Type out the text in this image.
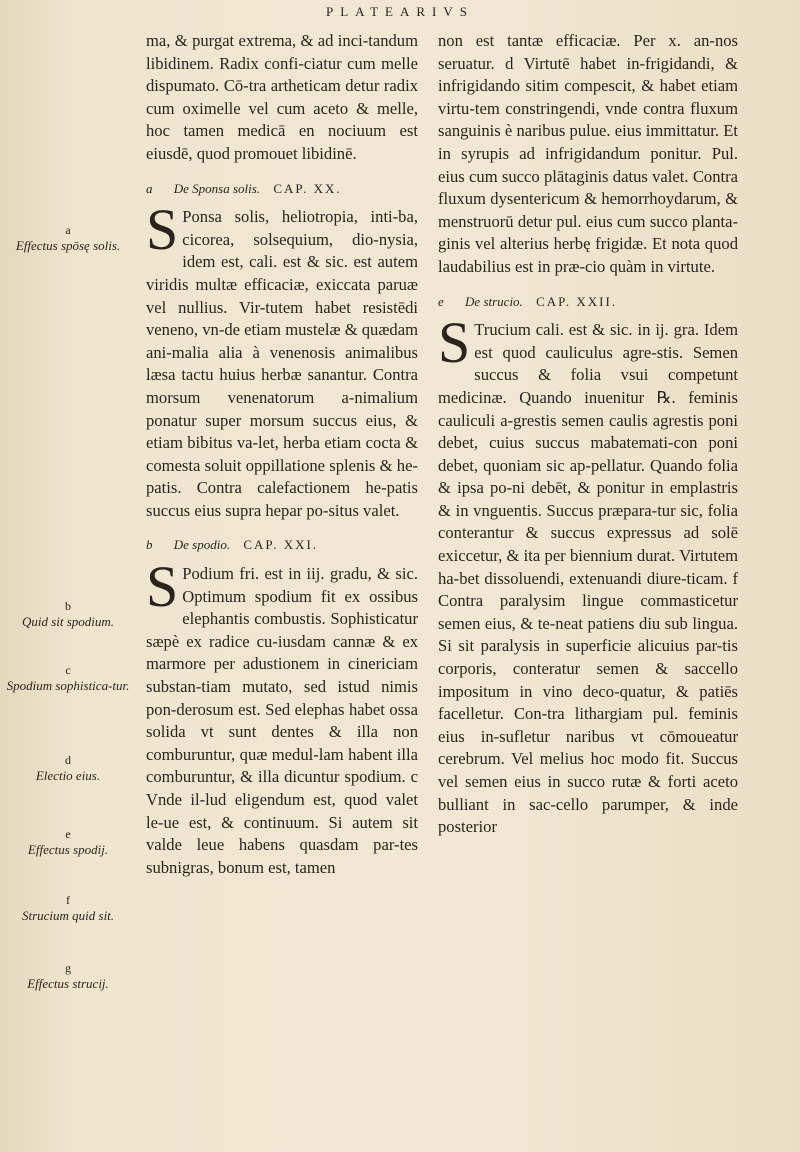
PLATEARIVS
a
Effectus spōsę solis.
b
Quid sit spodium.
c
Spodium sophistica-tur.
d
Electio eius.
e
Effectus spodij.
f
Strucium quid sit.
g
Effectus strucij.

ma, & purgat extrema, & ad inci-tandum libidinem. Radix confi-ciatur cum melle dispumato. Cō-tra artheticam detur radix cum oximelle vel cum aceto & melle, hoc tamen medicā en nociuum est eiusdē, quod promouet libidinē.

a De Sponsa solis. CAP. XX.

S Ponsa solis, heliotropia, inti-ba, cicorea, solsequium, dio-nysia, idem est, cali. est & sic. est autem viridis multæ efficaciæ, exiccata paruæ vel nullius. Vir-tutem habet resistēdi veneno, vn-de etiam mustelæ & quædam ani-malia alia à venenosis animalibus læsa tactu huius herbæ sanantur. Contra morsum venenatorum a-nimalium ponatur super morsum succus eius, & etiam bibitus va-let, herba etiam cocta & comesta soluit oppillatione splenis & he-patis. Contra calefactionem he-patis succus eius supra hepar po-situs valet.

b De spodio. CAP. XXI.

S Podium fri. est in iij. gradu, & sic. Optimum spodium fit ex ossibus elephantis combustis. Sophisticatur sæpè ex radice cu-iusdam cannæ & ex marmore per adustionem in cinericiam substan-tiam mutato, sed istud nimis pon-derosum est. Sed elephas habet ossa solida vt sunt dentes & illa non comburuntur, quæ medul-lam habent illa comburuntur, & illa dicuntur spodium. c Vnde il-lud eligendum est, quod valet le-ue est, & continuum. Si autem sit valde leue habens quasdam par-tes subnigras, bonum est, tamen

non est tantæ efficaciæ. Per x. an-nos seruatur. d Virtutē habet in-frigidandi, & infrigidando sitim compescit, & habet etiam virtu-tem constringendi, vnde contra fluxum sanguinis è naribus pulue. eius immittatur. Et in syrupis ad infrigidandum ponitur. Pul. eius cum succo plātaginis datus valet. Contra fluxum dysentericum & hemorrhoydarum, & menstruorū detur pul. eius cum succo planta-ginis vel alterius herbę frigidæ. Et nota quod laudabilius est in præ-cio quàm in virtute.

e De strucio. CAP. XXII.

S Trucium cali. est & sic. in ij. gra. Idem est quod cauliculus agre-stis. Semen succus & folia vsui competunt medicinæ. Quando inuenitur ℞. feminis cauliculi a-grestis semen caulis agrestis poni debet, cuius succus mabatemati-con poni debet, quoniam sic ap-pellatur. Quando folia & ipsa po-ni debēt, & ponitur in emplastris & in vnguentis. Succus præpara-tur sic, folia conterantur & succus expressus ad solē exiccetur, & ita per biennium durat. Virtutem ha-bet dissoluendi, extenuandi diure-ticam. f Contra paralysim lingue commasticetur semen eius, & te-neat patiens diu sub lingua. Si sit paralysis in superficie alicuius par-tis corporis, conteratur semen & saccello impositum in vino deco-quatur, & patiēs facelletur. Con-tra lithargiam pul. feminis eius in-sufletur naribus vt cōmoueatur cerebrum. Vel melius hoc modo fit. Succus vel semen eius in succo rutæ & forti aceto bulliant in sac-cello parumper, & inde posterior
